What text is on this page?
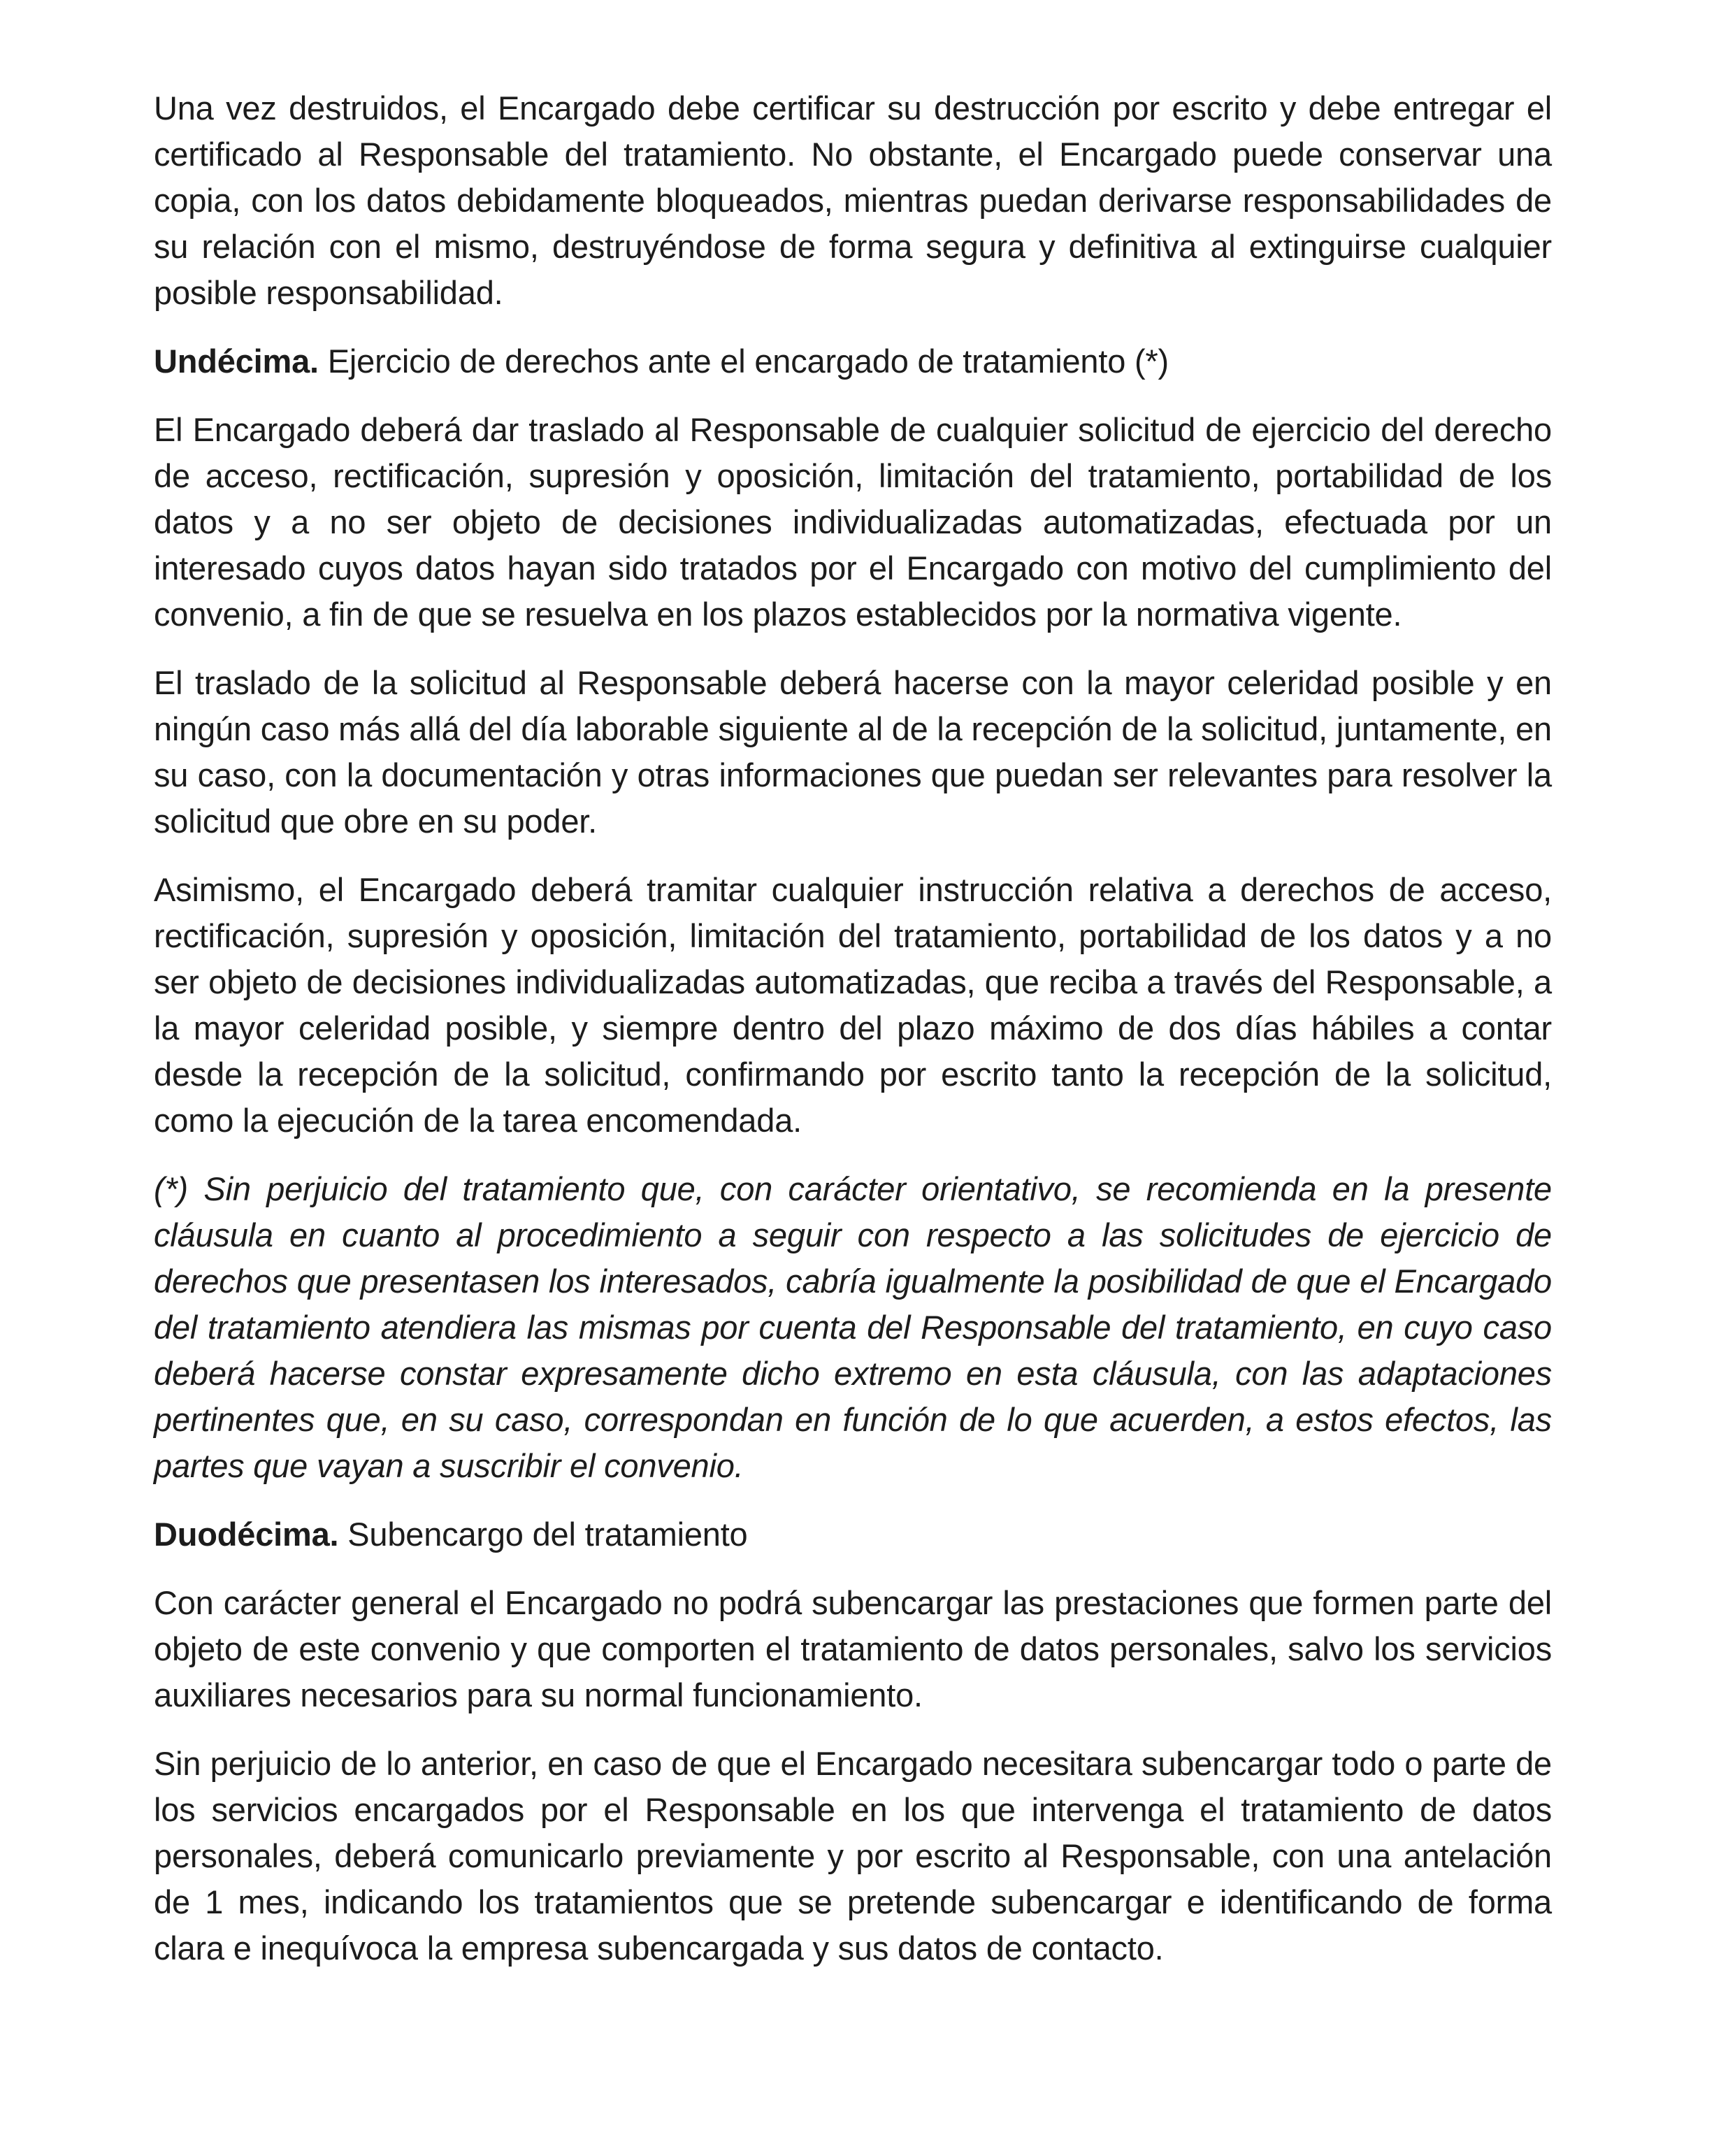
Una vez destruidos, el Encargado debe certificar su destrucción por escrito y debe entregar el certificado al Responsable del tratamiento. No obstante, el Encargado puede conservar una copia, con los datos debidamente bloqueados, mientras puedan derivarse responsabilidades de su relación con el mismo, destruyéndose de forma segura y definitiva al extinguirse cualquier posible responsabilidad.

Undécima. Ejercicio de derechos ante el encargado de tratamiento (*)

El Encargado deberá dar traslado al Responsable de cualquier solicitud de ejercicio del derecho de acceso, rectificación, supresión y oposición, limitación del tratamiento, portabilidad de los datos y a no ser objeto de decisiones individualizadas automatizadas, efectuada por un interesado cuyos datos hayan sido tratados por el Encargado con motivo del cumplimiento del convenio, a fin de que se resuelva en los plazos establecidos por la normativa vigente.

El traslado de la solicitud al Responsable deberá hacerse con la mayor celeridad posible y en ningún caso más allá del día laborable siguiente al de la recepción de la solicitud, juntamente, en su caso, con la documentación y otras informaciones que puedan ser relevantes para resolver la solicitud que obre en su poder.

Asimismo, el Encargado deberá tramitar cualquier instrucción relativa a derechos de acceso, rectificación, supresión y oposición, limitación del tratamiento, portabilidad de los datos y a no ser objeto de decisiones individualizadas automatizadas, que reciba a través del Responsable, a la mayor celeridad posible, y siempre dentro del plazo máximo de dos días hábiles a contar desde la recepción de la solicitud, confirmando por escrito tanto la recepción de la solicitud, como la ejecución de la tarea encomendada.

(*) Sin perjuicio del tratamiento que, con carácter orientativo, se recomienda en la presente cláusula en cuanto al procedimiento a seguir con respecto a las solicitudes de ejercicio de derechos que presentasen los interesados, cabría igualmente la posibilidad de que el Encargado del tratamiento atendiera las mismas por cuenta del Responsable del tratamiento, en cuyo caso deberá hacerse constar expresamente dicho extremo en esta cláusula, con las adaptaciones pertinentes que, en su caso, correspondan en función de lo que acuerden, a estos efectos, las partes que vayan a suscribir el convenio.

Duodécima. Subencargo del tratamiento

Con carácter general el Encargado no podrá subencargar las prestaciones que formen parte del objeto de este convenio y que comporten el tratamiento de datos personales, salvo los servicios auxiliares necesarios para su normal funcionamiento.

Sin perjuicio de lo anterior, en caso de que el Encargado necesitara subencargar todo o parte de los servicios encargados por el Responsable en los que intervenga el tratamiento de datos personales, deberá comunicarlo previamente y por escrito al Responsable, con una antelación de 1 mes, indicando los tratamientos que se pretende subencargar e identificando de forma clara e inequívoca la empresa subencargada y sus datos de contacto.
